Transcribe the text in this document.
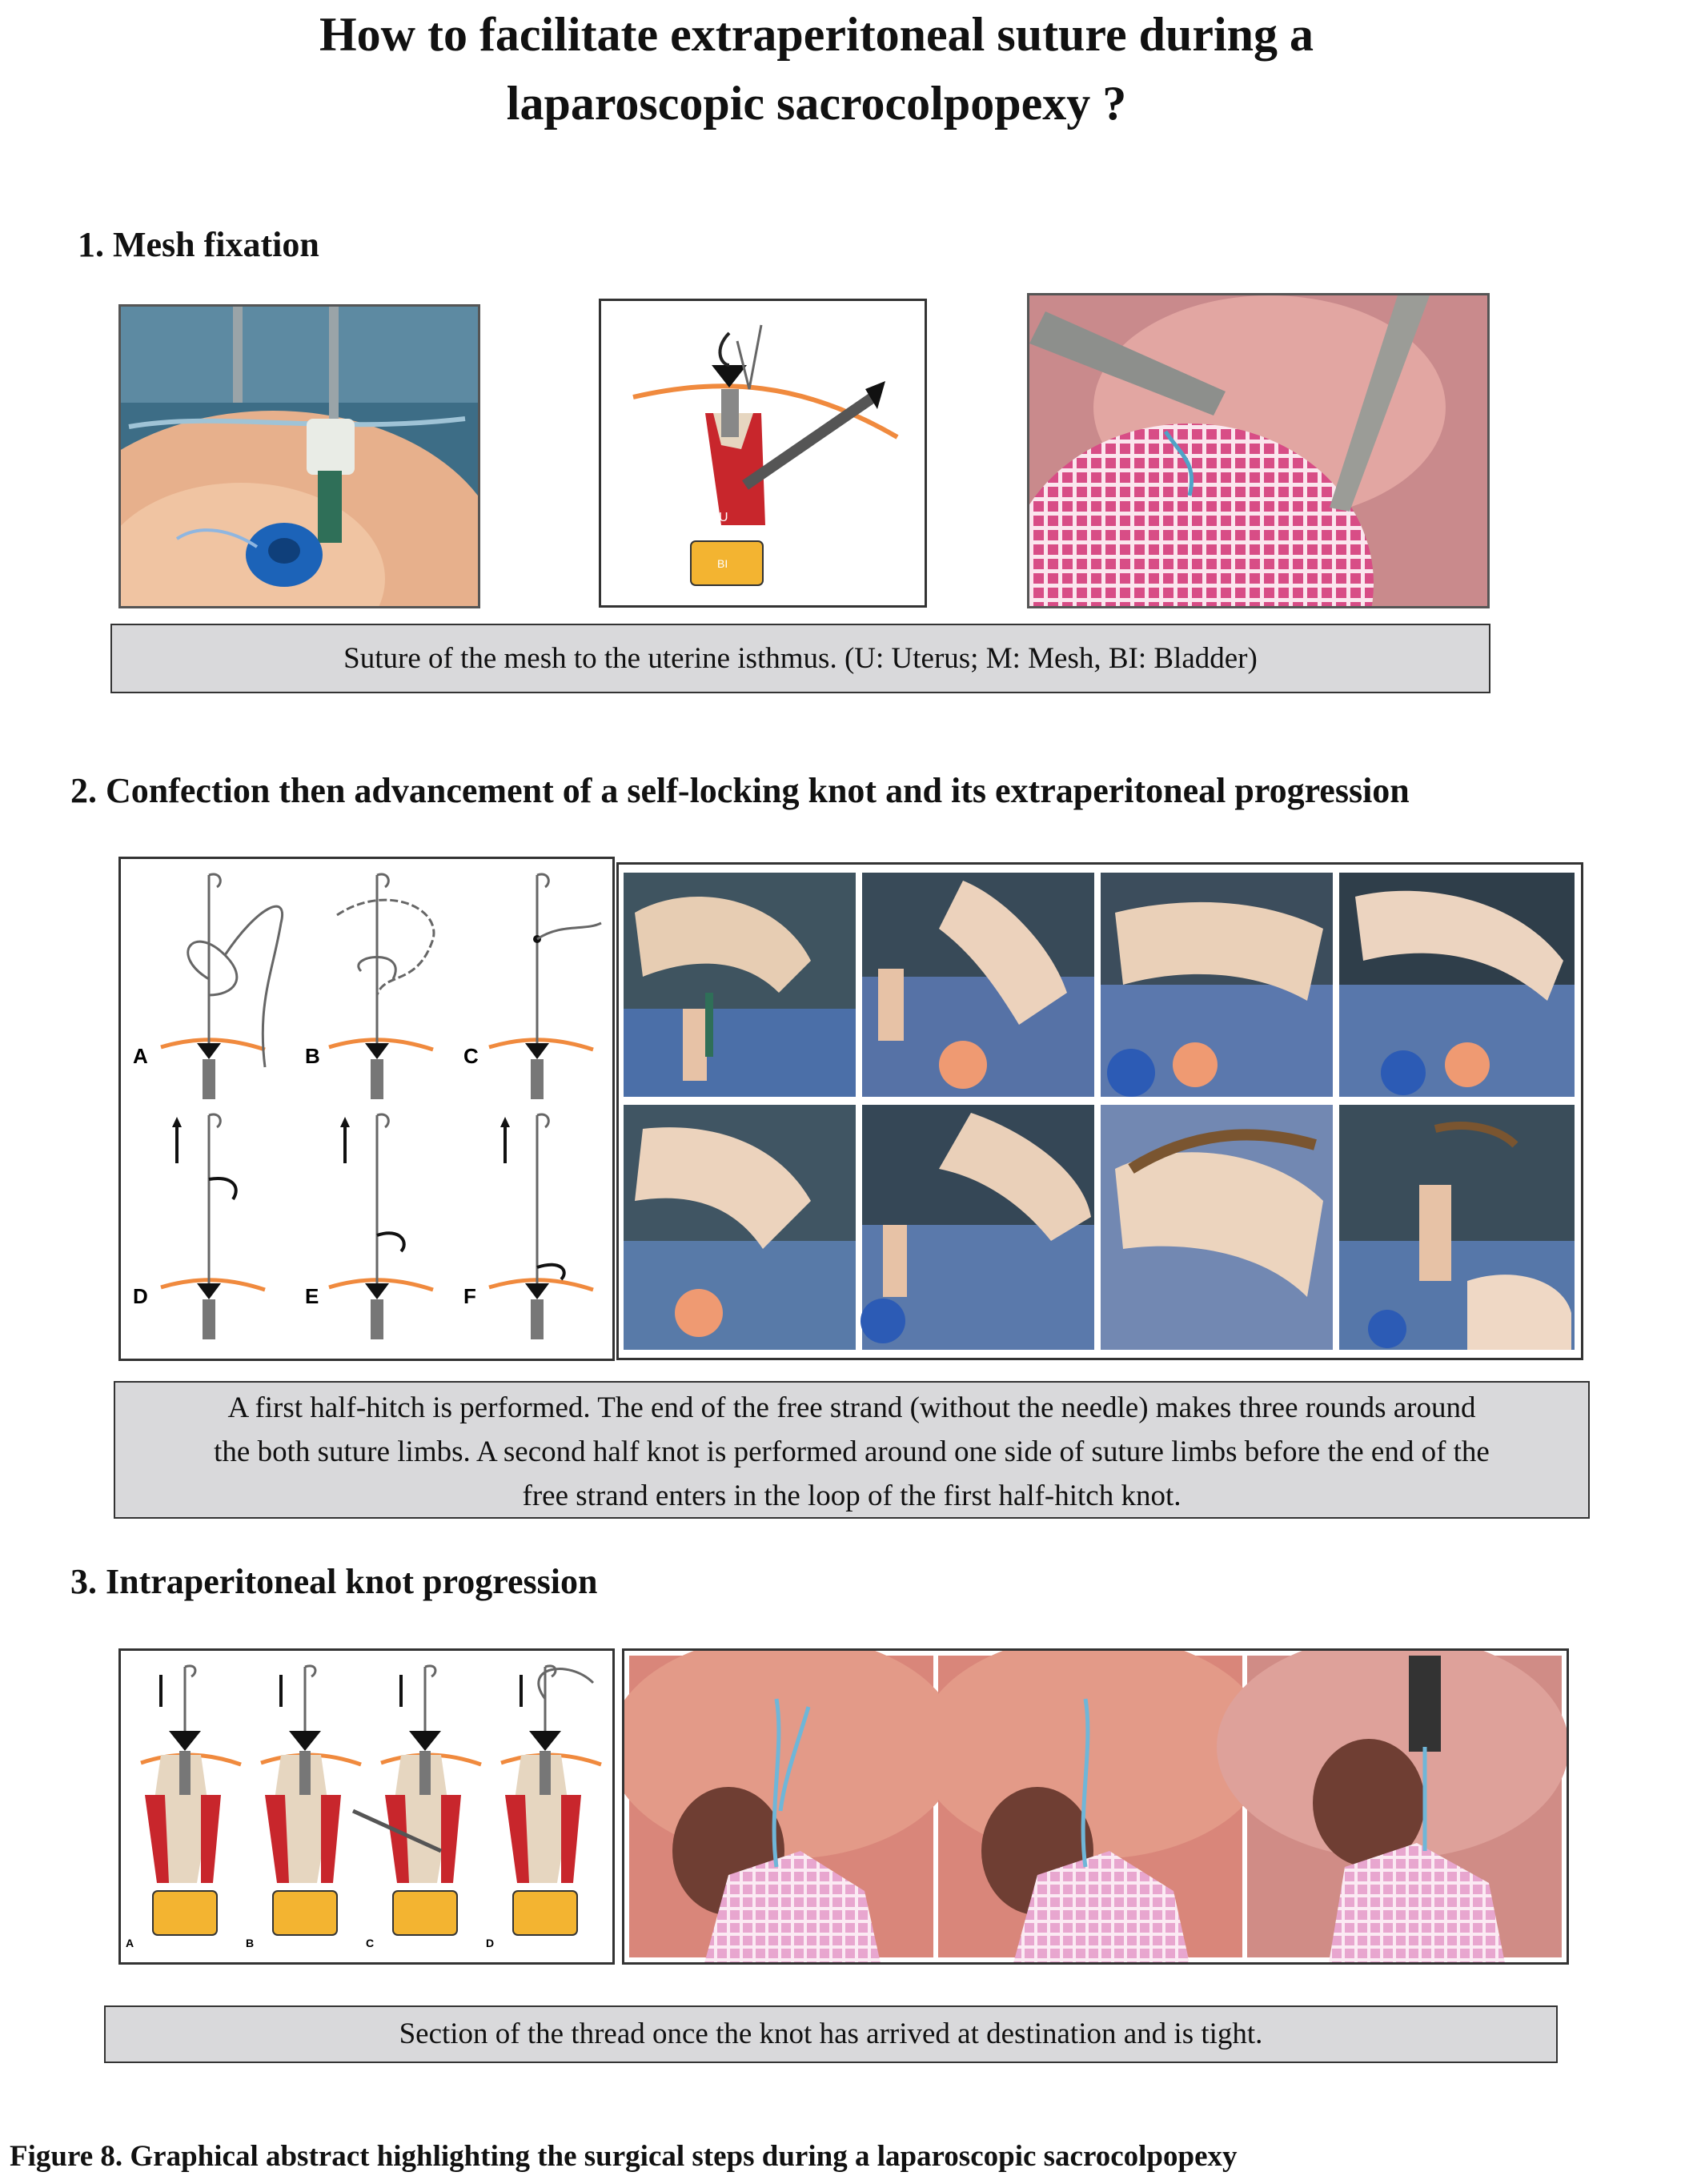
How to facilitate extraperitoneal suture during a
laparoscopic sacrocolpopexy ?
1. Mesh fixation
U
BI
Suture of the mesh to the uterine isthmus. (U: Uterus; M: Mesh, BI: Bladder)
2. Confection then advancement of a self-locking knot and its extraperitoneal progression
A	B	C
D	E	F
A first half-hitch is performed. The end of the free strand (without the needle) makes three rounds around
the both suture limbs. A second half knot is performed around one side of suture limbs before the end of the
free strand enters in the loop of the first half-hitch knot.
3. Intraperitoneal knot progression
A	B	C	D
Section of the thread once the knot has arrived at destination and is tight.
Figure 8. Graphical abstract highlighting the surgical steps during a laparoscopic sacrocolpopexy
